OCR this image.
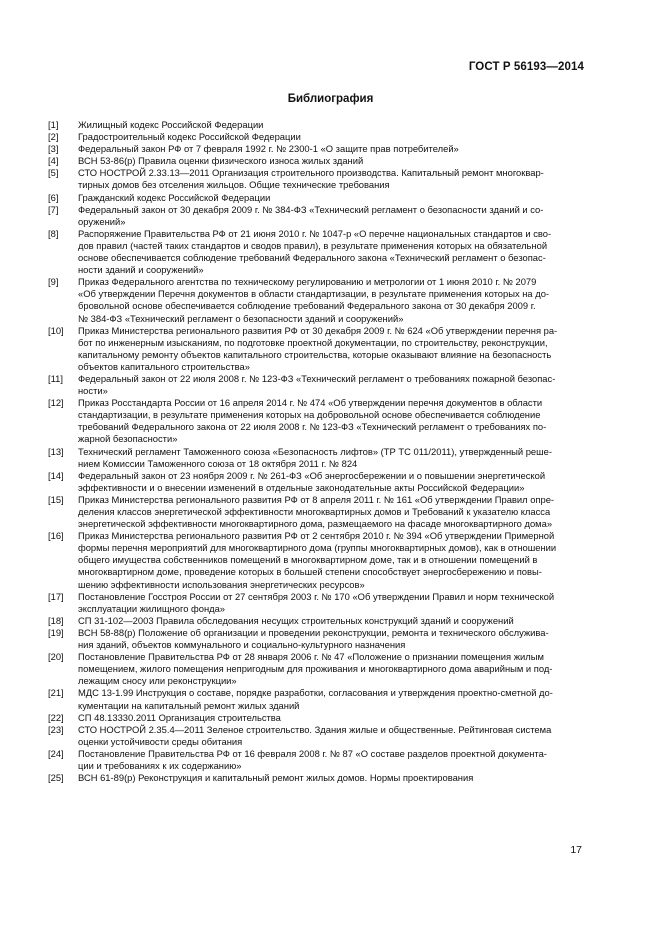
ГОСТ Р 56193—2014
Библиография
[1]	Жилищный кодекс Российской Федерации
[2]	Градостроительный кодекс Российской Федерации
[3]	Федеральный закон РФ от 7 февраля 1992 г. № 2300-1 «О защите прав потребителей»
[4]	ВСН 53-86(р) Правила оценки физического износа жилых зданий
[5]	СТО НОСТРОЙ 2.33.13—2011 Организация строительного производства. Капитальный ремонт многоквар-
тирных домов без отселения жильцов. Общие технические требования
[6]	Гражданский кодекс Российской Федерации
[7]	Федеральный закон от 30 декабря 2009 г. № 384-ФЗ «Технический регламент о безопасности зданий и со-
оружений»
[8]	Распоряжение Правительства РФ от 21 июня 2010 г. № 1047-р «О перечне национальных стандартов и сво-
дов правил (частей таких стандартов и сводов правил), в результате применения которых на обязательной
основе обеспечивается соблюдение требований Федерального закона «Технический регламент о безопас-
ности зданий и сооружений»
[9]	Приказ Федерального агентства по техническому регулированию и метрологии от 1 июня 2010 г. № 2079
«Об утверждении Перечня документов в области стандартизации, в результате применения которых на до-
бровольной основе обеспечивается соблюдение требований Федерального закона от 30 декабря 2009 г.
№ 384-ФЗ «Технический регламент о безопасности зданий и сооружений»
[10]	Приказ Министерства регионального развития РФ от 30 декабря 2009 г. № 624 «Об утверждении перечня ра-
бот по инженерным изысканиям, по подготовке проектной документации, по строительству, реконструкции,
капитальному ремонту объектов капитального строительства, которые оказывают влияние на безопасность
объектов капитального строительства»
[11]	Федеральный закон от 22 июля 2008 г. № 123-ФЗ «Технический регламент о требованиях пожарной безопас-
ности»
[12]	Приказ Росстандарта России от 16 апреля 2014 г. № 474 «Об утверждении перечня документов в области
стандартизации, в результате применения которых на добровольной основе обеспечивается соблюдение
требований Федерального закона от 22 июля 2008 г. № 123-ФЗ «Технический регламент о требованиях по-
жарной безопасности»
[13]	Технический регламент Таможенного союза «Безопасность лифтов» (ТР ТС 011/2011), утвержденный реше-
нием Комиссии Таможенного союза от 18 октября 2011 г. № 824
[14]	Федеральный закон от 23 ноября 2009 г. № 261-ФЗ «Об энергосбережении и о повышении энергетической
эффективности и о внесении изменений в отдельные законодательные акты Российской Федерации»
[15]	Приказ Министерства регионального развития РФ от 8 апреля 2011 г. № 161 «Об утверждении Правил опре-
деления классов энергетической эффективности многоквартирных домов и Требований к указателю класса
энергетической эффективности многоквартирного дома, размещаемого на фасаде многоквартирного дома»
[16]	Приказ Министерства регионального развития РФ от 2 сентября 2010 г. № 394 «Об утверждении Примерной
формы перечня мероприятий для многоквартирного дома (группы многоквартирных домов), как в отношении
общего имущества собственников помещений в многоквартирном доме, так и в отношении помещений в
многоквартирном доме, проведение которых в большей степени способствует энергосбережению и повы-
шению эффективности использования энергетических ресурсов»
[17]	Постановление Госстроя России от 27 сентября 2003 г. № 170 «Об утверждении Правил и норм технической
эксплуатации жилищного фонда»
[18]	СП 31-102—2003 Правила обследования несущих строительных конструкций зданий и сооружений
[19]	ВСН 58-88(р) Положение об организации и проведении реконструкции, ремонта и технического обслужива-
ния зданий, объектов коммунального и социально-культурного назначения
[20]	Постановление Правительства РФ от 28 января 2006 г. № 47 «Положение о признании помещения жилым
помещением, жилого помещения непригодным для проживания и многоквартирного дома аварийным и под-
лежащим сносу или реконструкции»
[21]	МДС 13-1.99 Инструкция о составе, порядке разработки, согласования и утверждения проектно-сметной до-
кументации на капитальный ремонт жилых зданий
[22]	СП 48.13330.2011 Организация строительства
[23]	СТО НОСТРОЙ 2.35.4—2011 Зеленое строительство. Здания жилые и общественные. Рейтинговая система
оценки устойчивости среды обитания
[24]	Постановление Правительства РФ от 16 февраля 2008 г. № 87 «О составе разделов проектной документа-
ции и требованиях к их содержанию»
[25]	ВСН 61-89(р) Реконструкция и капитальный ремонт жилых домов. Нормы проектирования
17
